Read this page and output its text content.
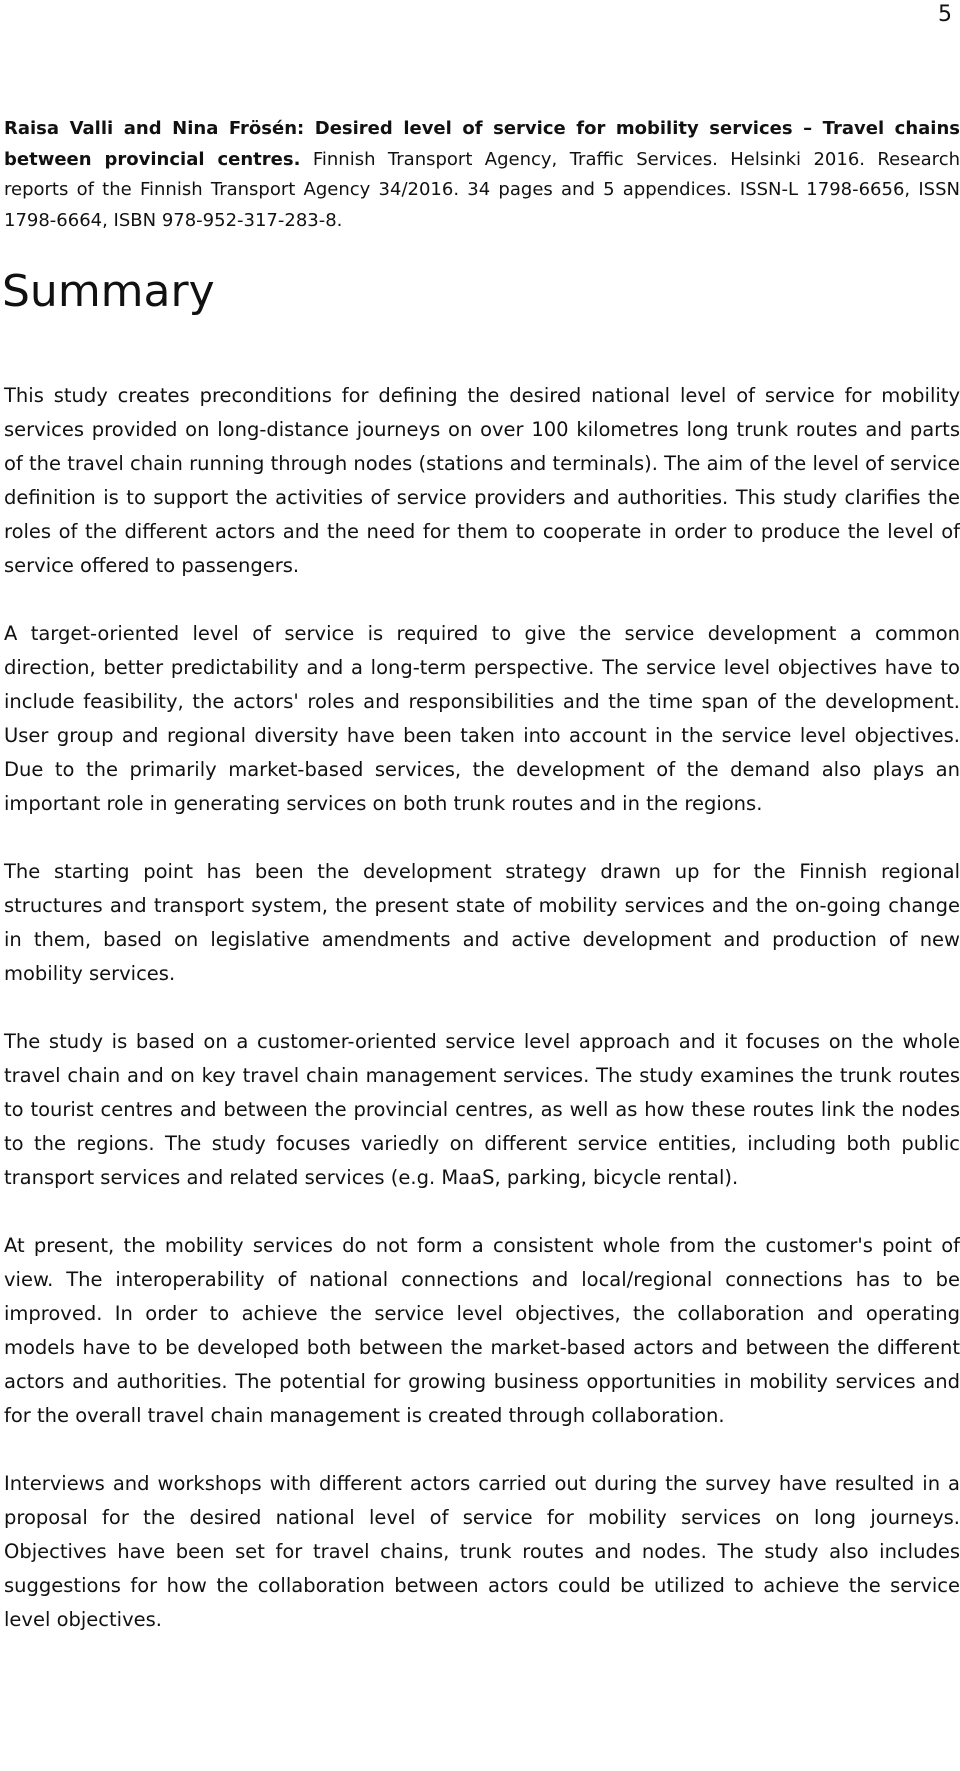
5
Raisa Valli and Nina Frösén: Desired level of service for mobility services – Travel chains between provincial centres. Finnish Transport Agency, Traffic Services. Helsinki 2016. Research reports of the Finnish Transport Agency 34/2016. 34 pages and 5 appendices. ISSN-L 1798-6656, ISSN 1798-6664, ISBN 978-952-317-283-8.
Summary

This study creates preconditions for defining the desired national level of service for mobility services provided on long-distance journeys on over 100 kilometres long trunk routes and parts of the travel chain running through nodes (stations and terminals). The aim of the level of service definition is to support the activities of service providers and authorities. This study clarifies the roles of the different actors and the need for them to cooperate in order to produce the level of service offered to passengers.

A target-oriented level of service is required to give the service development a common direction, better predictability and a long-term perspective. The service level objectives have to include feasibility, the actors' roles and responsibilities and the time span of the development. User group and regional diversity have been taken into account in the service level objectives. Due to the primarily market-based services, the development of the demand also plays an important role in generating services on both trunk routes and in the regions.

The starting point has been the development strategy drawn up for the Finnish regional structures and transport system, the present state of mobility services and the on-going change in them, based on legislative amendments and active development and production of new mobility services.

The study is based on a customer-oriented service level approach and it focuses on the whole travel chain and on key travel chain management services. The study examines the trunk routes to tourist centres and between the provincial centres, as well as how these routes link the nodes to the regions. The study focuses variedly on different service entities, including both public transport services and related services (e.g. MaaS, parking, bicycle rental).

At present, the mobility services do not form a consistent whole from the customer's point of view. The interoperability of national connections and local/regional connections has to be improved. In order to achieve the service level objectives, the collaboration and operating models have to be developed both between the market-based actors and between the different actors and authorities. The potential for growing business opportunities in mobility services and for the overall travel chain management is created through collaboration.

Interviews and workshops with different actors carried out during the survey have resulted in a proposal for the desired national level of service for mobility services on long journeys. Objectives have been set for travel chains, trunk routes and nodes. The study also includes suggestions for how the collaboration between actors could be utilized to achieve the service level objectives.
